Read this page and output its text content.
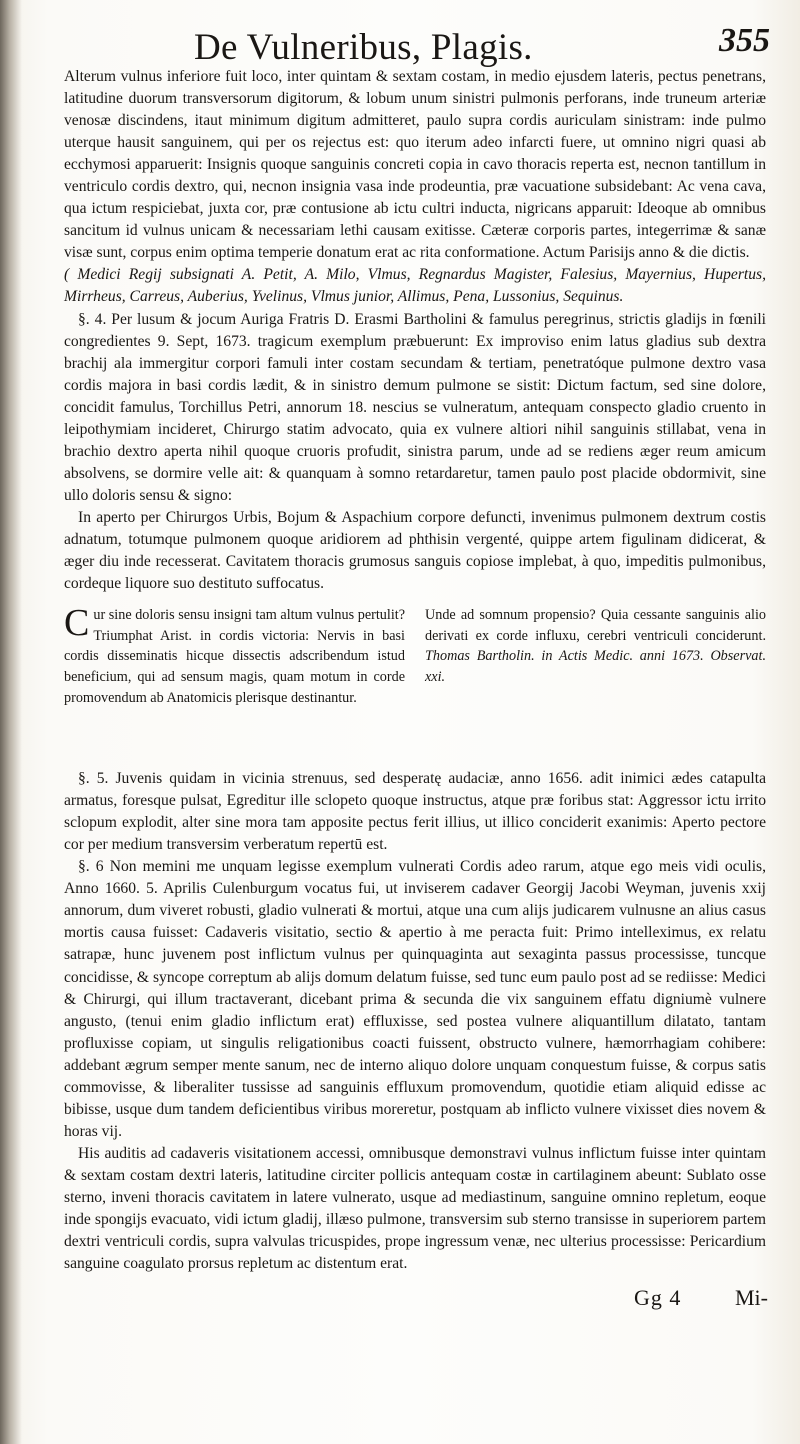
De Vulneribus, Plagis.	355

Alterum vulnus inferiore fuit loco, inter quintam & sextam costam, in medio ejusdem lateris, pectus penetrans, latitudine duorum transversorum digitorum, & lobum unum sinistri pulmonis perforans, inde truneum arteriæ venosæ discindens, itaut minimum digitum admitteret, paulo supra cordis auriculam sinistram: inde pulmo uterque hausit sanguinem, qui per os rejectus est: quo iterum adeo infarcti fuere, ut omnino nigri quasi ab ecchymosi apparuerit: Insignis quoque sanguinis concreti copia in cavo thoracis reperta est, necnon tantillum in ventriculo cordis dextro, qui, necnon insignia vasa inde prodeuntia, præ vacuatione subsidebant: Ac vena cava, qua ictum respiciebat, juxta cor, præ contusione ab ictu cultri inducta, nigricans apparuit: Ideoque ab omnibus sancitum id vulnus unicam & necessariam lethi causam exitisse. Cæteræ corporis partes, integerrimæ & sanæ visæ sunt, corpus enim optima temperie donatum erat ac rita conformatione. Actum Parisijs anno & die dictis.

( Medici Regij subsignati A. Petit, A. Milo, Vlmus, Regnardus Magister, Falesius, Mayernius, Hupertus, Mirrheus, Carreus, Auberius, Yvelinus, Vlmus junior, Allimus, Pena, Lussonius, Sequinus.

§. 4. Per lusum & jocum Auriga Fratris D. Erasmi Bartholini & famulus peregrinus, strictis gladijs in fœnili congredientes 9. Sept, 1673. tragicum exemplum præbuerunt: Ex improviso enim latus gladius sub dextra brachij ala immergitur corpori famuli inter costam secundam & tertiam, penetratóque pulmone dextro vasa cordis majora in basi cordis lædit, & in sinistro demum pulmone se sistit: Dictum factum, sed sine dolore, concidit famulus, Torchillus Petri, annorum 18. nescius se vulneratum, antequam conspecto gladio cruento in leipothymiam incideret, Chirurgo statim advocato, quia ex vulnere altiori nihil sanguinis stillabat, vena in brachio dextro aperta nihil quoque cruoris profudit, sinistra parum, unde ad se rediens æger reum amicum absolvens, se dormire velle ait: & quanquam à somno retardaretur, tamen paulo post placide obdormivit, sine ullo doloris sensu & signo:

In aperto per Chirurgos Urbis, Bojum & Aspachium corpore defuncti, invenimus pulmonem dextrum costis adnatum, totumque pulmonem quoque aridiorem ad phthisin vergenté, quippe artem figulinam didicerat, & æger diu inde recesserat. Cavitatem thoracis grumosus sanguis copiose implebat, à quo, impeditis pulmonibus, cordeque liquore suo destituto suffocatus.

Cur sine doloris sensu insigni tam altum vulnus pertulit? Triumphat Arist. in cordis victoria: Nervis in basi cordis disseminatis hicque dissectis adscribendum istud beneficium, qui ad sensum magis, quam motum in corde promovendum ab Anatomicis plerisque destinantur.
Unde ad somnum propensio? Quia cessante sanguinis alio derivati ex corde influxu, cerebri ventriculi conciderunt. Thomas Bartholin. in Actis Medic. anni 1673. Observat. xxi.

§. 5. Juvenis quidam in vicinia strenuus, sed desperatę audaciæ, anno 1656. adit inimici ædes catapulta armatus, foresque pulsat, Egreditur ille sclopeto quoque instructus, atque præ foribus stat: Aggressor ictu irrito sclopum explodit, alter sine mora tam apposite pectus ferit illius, ut illico conciderit exanimis: Aperto pectore cor per medium transversim verberatum repertū est.

§. 6 Non memini me unquam legisse exemplum vulnerati Cordis adeo rarum, atque ego meis vidi oculis, Anno 1660. 5. Aprilis Culenburgum vocatus fui, ut inviserem cadaver Georgij Jacobi Weyman, juvenis xxij annorum, dum viveret robusti, gladio vulnerati & mortui, atque una cum alijs judicarem vulnusne an alius casus mortis causa fuisset: Cadaveris visitatio, sectio & apertio à me peracta fuit: Primo intelleximus, ex relatu satrapæ, hunc juvenem post inflictum vulnus per quinquaginta aut sexaginta passus processisse, tuncque concidisse, & syncope correptum ab alijs domum delatum fuisse, sed tunc eum paulo post ad se rediisse: Medici & Chirurgi, qui illum tractaverant, dicebant prima & secunda die vix sanguinem effatu digniumè vulnere angusto, (tenui enim gladio inflictum erat) effluxisse, sed postea vulnere aliquantillum dilatato, tantam profluxisse copiam, ut singulis religationibus coacti fuissent, obstructo vulnere, hæmorrhagiam cohibere: addebant ægrum semper mente sanum, nec de interno aliquo dolore unquam conquestum fuisse, & corpus satis commovisse, & liberaliter tussisse ad sanguinis effluxum promovendum, quotidie etiam aliquid edisse ac bibisse, usque dum tandem deficientibus viribus moreretur, postquam ab inflicto vulnere vixisset dies novem & horas vij.

His auditis ad cadaveris visitationem accessi, omnibusque demonstravi vulnus inflictum fuisse inter quintam & sextam costam dextri lateris, latitudine circiter pollicis antequam costæ in cartilaginem abeunt: Sublato osse sterno, inveni thoracis cavitatem in latere vulnerato, usque ad mediastinum, sanguine omnino repletum, eoque inde spongijs evacuato, vidi ictum gladij, illæso pulmone, transversim sub sterno transisse in superiorem partem dextri ventriculi cordis, supra valvulas tricuspides, prope ingressum venæ, nec ulterius processisse: Pericardium sanguine coagulato prorsus repletum ac distentum erat.

Gg 4 Mi-
